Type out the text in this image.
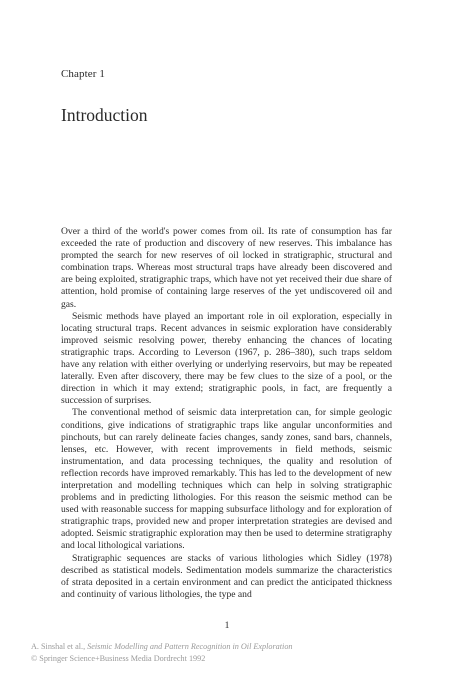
Chapter 1
Introduction

Over a third of the world's power comes from oil. Its rate of consumption has far exceeded the rate of production and discovery of new reserves. This imbalance has prompted the search for new reserves of oil locked in stratigraphic, structural and combination traps. Whereas most structural traps have already been discovered and are being exploited, stratigraphic traps, which have not yet received their due share of attention, hold promise of containing large reserves of the yet undiscovered oil and gas.

Seismic methods have played an important role in oil exploration, especially in locating structural traps. Recent advances in seismic exploration have considerably improved seismic resolving power, thereby enhancing the chances of locating stratigraphic traps. According to Leverson (1967, p. 286–380), such traps seldom have any relation with either overlying or underlying reservoirs, but may be repeated laterally. Even after discovery, there may be few clues to the size of a pool, or the direction in which it may extend; stratigraphic pools, in fact, are frequently a succession of surprises.

The conventional method of seismic data interpretation can, for simple geologic conditions, give indications of stratigraphic traps like angular unconformities and pinchouts, but can rarely delineate facies changes, sandy zones, sand bars, channels, lenses, etc. However, with recent improvements in field methods, seismic instrumentation, and data processing techniques, the quality and resolution of reflection records have improved remarkably. This has led to the development of new interpretation and modelling techniques which can help in solving stratigraphic problems and in predicting lithologies. For this reason the seismic method can be used with reasonable success for mapping subsurface lithology and for exploration of stratigraphic traps, provided new and proper interpretation strategies are devised and adopted. Seismic stratigraphic exploration may then be used to determine stratigraphy and local lithological variations.

Stratigraphic sequences are stacks of various lithologies which Sidley (1978) described as statistical models. Sedimentation models summarize the characteristics of strata deposited in a certain environment and can predict the anticipated thickness and continuity of various lithologies, the type and

1
A. Sinshal et al., Seismic Modelling and Pattern Recognition in Oil Exploration
© Springer Science+Business Media Dordrecht 1992
